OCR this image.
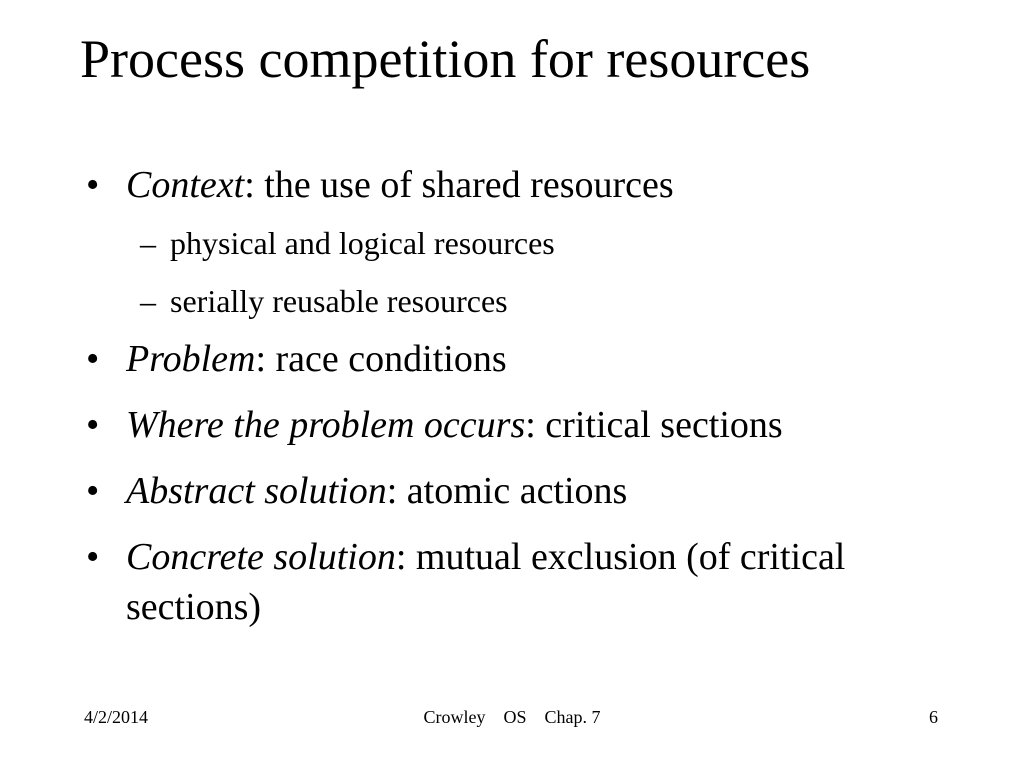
Process competition for resources
• Context: the use of shared resources
– physical and logical resources
– serially reusable resources
• Problem: race conditions
• Where the problem occurs: critical sections
• Abstract solution: atomic actions
• Concrete solution: mutual exclusion (of critical sections)
4/2/2014	Crowley    OS    Chap. 7	6
